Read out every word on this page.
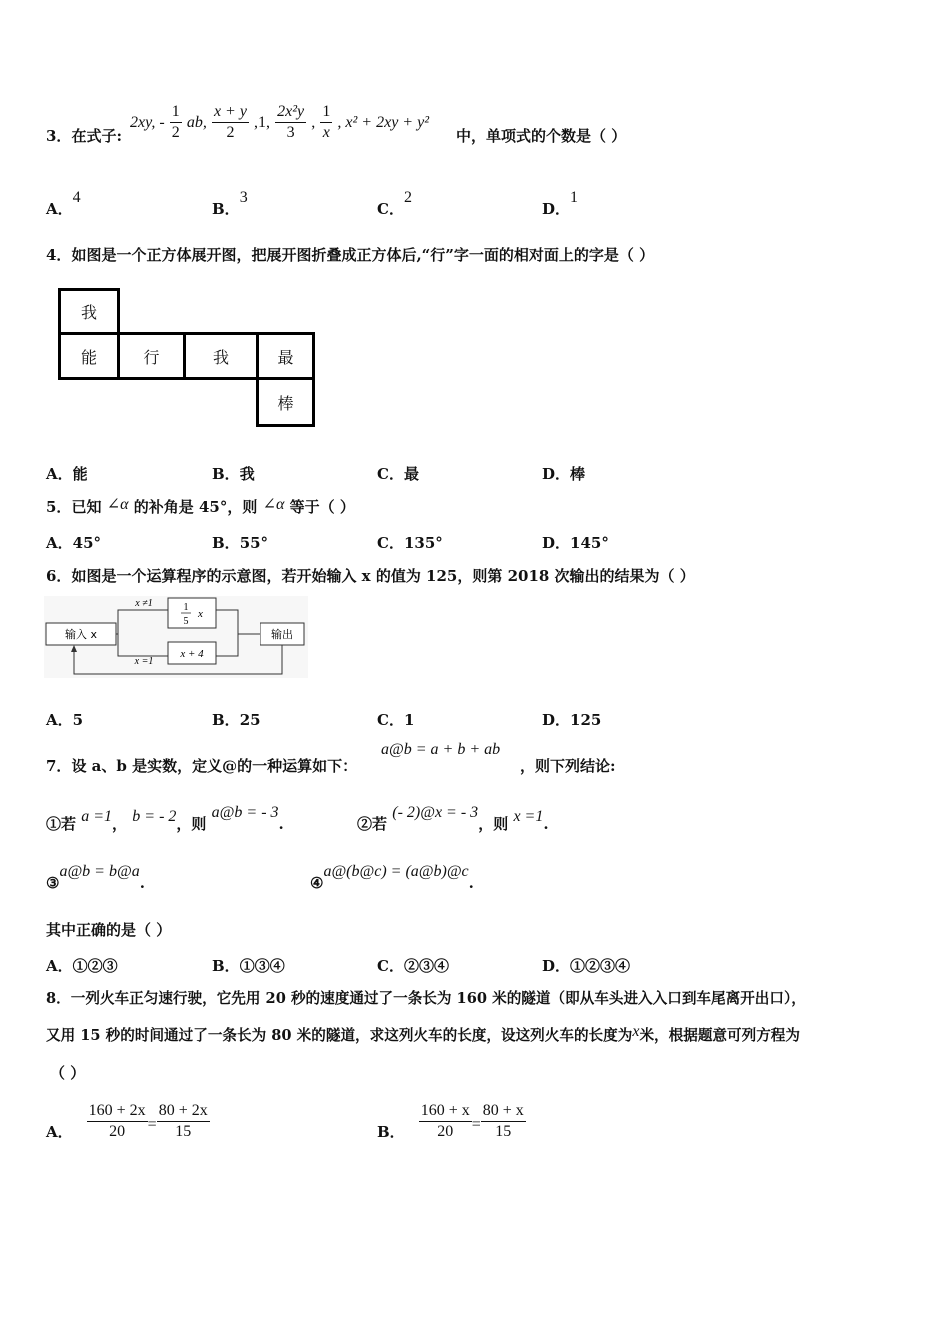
3．在式子:
2xy, - $\frac{1}{2}$ ab, $\frac{x + y}{2} ,1$, $\frac{\text{2x²y}}{3}$ , $\frac{1}{x}$ , x² + 2xy + y²
中，单项式的个数是（ ）
A．4
B．3
C．2
D．1
4．如图是一个正方体展开图，把展开图折叠成正方体后,“行”字一面的相对面上的字是（ ）
我
能	行	我	最
棒
A．能	B．我	C．最	D．棒
5．已知 ∠α 的补角是 45°，则 ∠α 等于（ ）
A．45°	B．55°	C．135°	D．145°
6．如图是一个运算程序的示意图，若开始输入 x 的值为 125，则第 2018 次输出的结果为（ ）
输入 x	输出
1
5
x
x + 4
x ≠1
x =1
A．5	B．25	C．1	D．125
7．设 a、b 是实数，定义@的一种运算如下：
a@b = a + b + ab
，则下列结论:
①若 a =1， b = - 2，则 a@b = - 3.	②若 (- 2)@x = - 3，则 x =1.
③a@b = b@a.	④a@(b@c) = (a@b)@c.
其中正确的是（ ）
A．①②③	B．①③④	C．②③④	D．①②③④
8．一列火车正匀速行驶，它先用 20 秒的速度通过了一条长为 160 米的隧道（即从车头进入入口到车尾离开出口），
又用 15 秒的时间通过了一条长为 80 米的隧道，求这列火车的长度，设这列火车的长度为x米，根据题意可列方程为
（ ）
A． $\frac{160 + 2x}{20} = \frac{80 + 2x}{15}$	B． $\frac{160 + x}{20} = \frac{80 + x}{15}$
